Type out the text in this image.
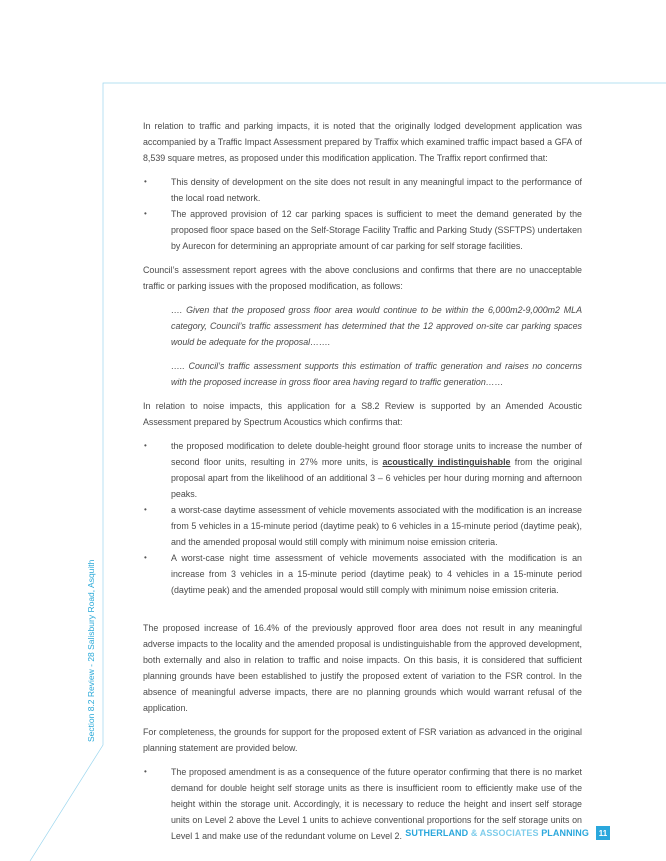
In relation to traffic and parking impacts, it is noted that the originally lodged development application was accompanied by a Traffic Impact Assessment prepared by Traffix which examined traffic impact based a GFA of 8,539 square metres, as proposed under this modification application. The Traffix report confirmed that:

• This density of development on the site does not result in any meaningful impact to the performance of the local road network.
• The approved provision of 12 car parking spaces is sufficient to meet the demand generated by the proposed floor space based on the Self-Storage Facility Traffic and Parking Study (SSFTPS) undertaken by Aurecon for determining an appropriate amount of car parking for self storage facilities.

Council’s assessment report agrees with the above conclusions and confirms that there are no unacceptable traffic or parking issues with the proposed modification, as follows:

…. Given that the proposed gross floor area would continue to be within the 6,000m2-9,000m2 MLA category, Council’s traffic assessment has determined that the 12 approved on-site car parking spaces would be adequate for the proposal…….

….. Council’s traffic assessment supports this estimation of traffic generation and raises no concerns with the proposed increase in gross floor area having regard to traffic generation……

In relation to noise impacts, this application for a S8.2 Review is supported by an Amended Acoustic Assessment prepared by Spectrum Acoustics which confirms that:

• the proposed modification to delete double-height ground floor storage units to increase the number of second floor units, resulting in 27% more units, is acoustically indistinguishable from the original proposal apart from the likelihood of an additional 3 – 6 vehicles per hour during morning and afternoon peaks.
• a worst-case daytime assessment of vehicle movements associated with the modification is an increase from 5 vehicles in a 15-minute period (daytime peak) to 6 vehicles in a 15-minute period (daytime peak), and the amended proposal would still comply with minimum noise emission criteria.
• A worst-case night time assessment of vehicle movements associated with the modification is an increase from 3 vehicles in a 15-minute period (daytime peak) to 4 vehicles in a 15-minute period (daytime peak) and the amended proposal would still comply with minimum noise emission criteria.

The proposed increase of 16.4% of the previously approved floor area does not result in any meaningful adverse impacts to the locality and the amended proposal is undistinguishable from the approved development, both externally and also in relation to traffic and noise impacts. On this basis, it is considered that sufficient planning grounds have been established to justify the proposed extent of variation to the FSR control. In the absence of meaningful adverse impacts, there are no planning grounds which would warrant refusal of the application.

For completeness, the grounds for support for the proposed extent of FSR variation as advanced in the original planning statement are provided below.

• The proposed amendment is as a consequence of the future operator confirming that there is no market demand for double height self storage units as there is insufficient room to efficiently make use of the height within the storage unit. Accordingly, it is necessary to reduce the height and insert self storage units on Level 2 above the Level 1 units to achieve conventional proportions for the self storage units on Level 1 and make use of the redundant volume on Level 2.
Section 8.2 Review - 28 Salisbury Road, Asquith
SUTHERLAND & ASSOCIATES PLANNING	11
